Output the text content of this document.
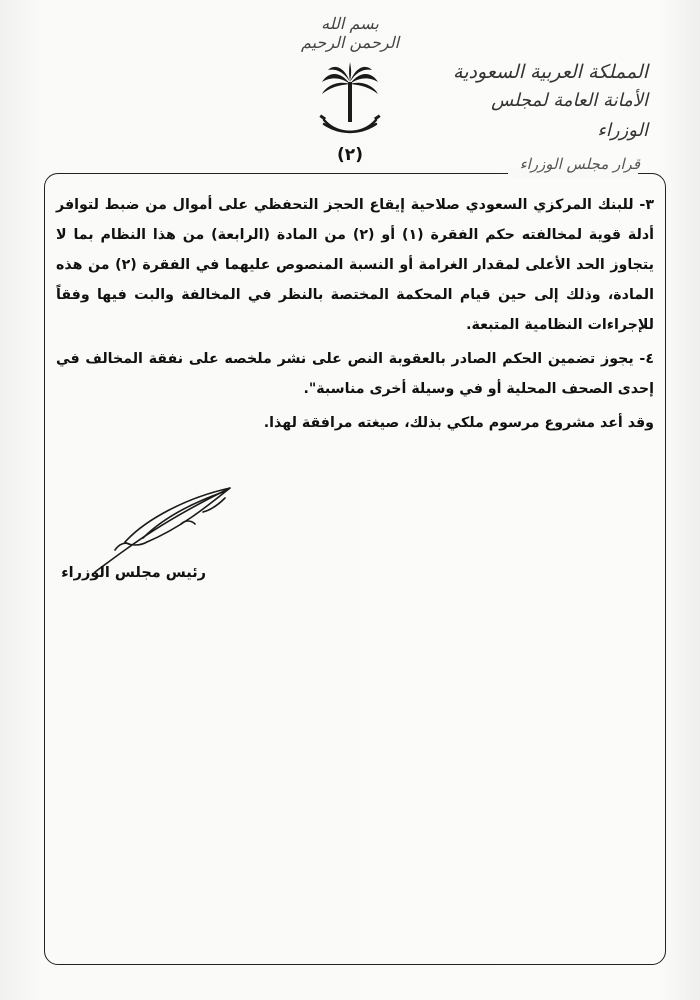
بسم الله الرحمن الرحيم
(٢)
المملكة العربية السعودية
الأمانة العامة لمجلس الوزراء
قرار مجلس الوزراء

٣- للبنك المركزي السعودي صلاحية إيقاع الحجز التحفظي على أموال من ضبط لتوافر أدلة قوية لمخالفته حكم الفقرة (١) أو (٢) من المادة (الرابعة) من هذا النظام بما لا يتجاوز الحد الأعلى لمقدار الغرامة أو النسبة المنصوص عليهما في الفقرة (٢) من هذه المادة، وذلك إلى حين قيام المحكمة المختصة بالنظر في المخالفة والبت فيها وفقاً للإجراءات النظامية المتبعة.

٤- يجوز تضمين الحكم الصادر بالعقوبة النص على نشر ملخصه على نفقة المخالف في إحدى الصحف المحلية أو في وسيلة أخرى مناسبة".

وقد أعد مشروع مرسوم ملكي بذلك، صيغته مرافقة لهذا.

رئيس مجلس الوزراء
